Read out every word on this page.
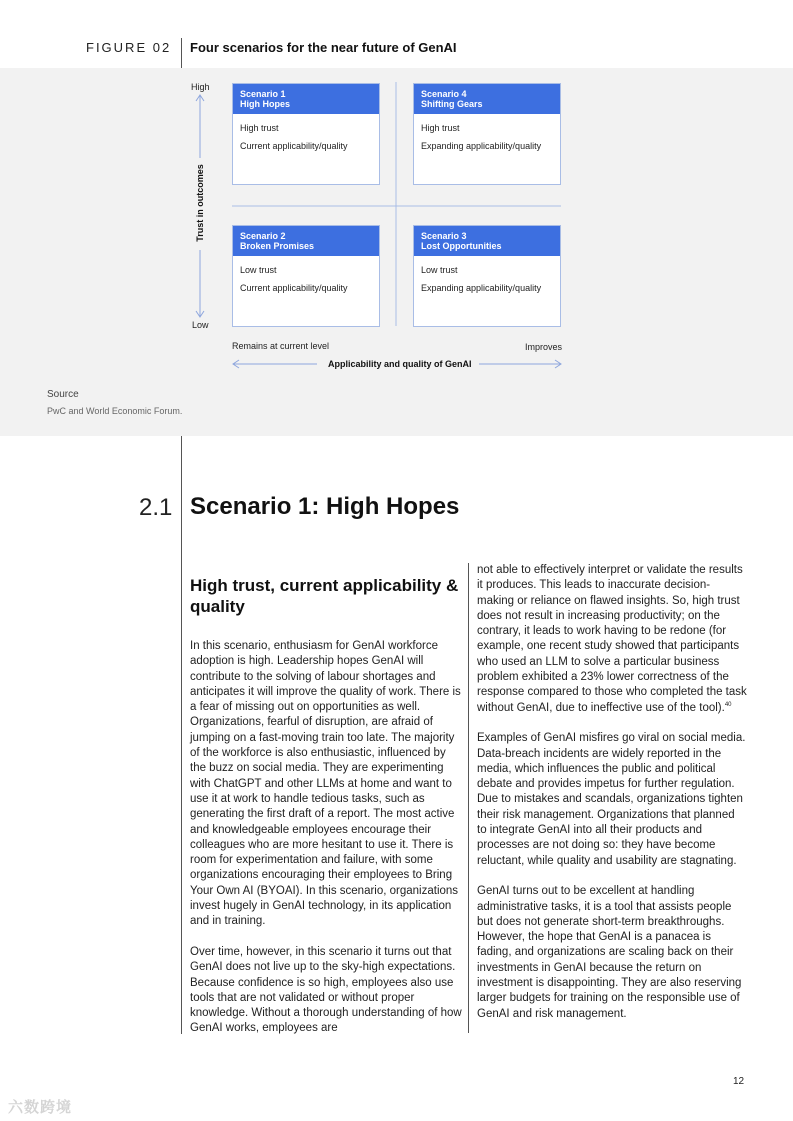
FIGURE 02 Four scenarios for the near future of GenAI
High
Low
Trust in outcomes
Scenario 1
High Hopes
High trust
Current applicability/quality
Scenario 4
Shifting Gears
High trust
Expanding applicability/quality
Scenario 2
Broken Promises
Low trust
Current applicability/quality
Scenario 3
Lost Opportunities
Low trust
Expanding applicability/quality
Remains at current level	Improves
Applicability and quality of GenAI
Source
PwC and World Economic Forum.
2.1 Scenario 1: High Hopes
High trust, current applicability & quality

In this scenario, enthusiasm for GenAI workforce adoption is high. Leadership hopes GenAI will contribute to the solving of labour shortages and anticipates it will improve the quality of work. There is a fear of missing out on opportunities as well. Organizations, fearful of disruption, are afraid of jumping on a fast-moving train too late. The majority of the workforce is also enthusiastic, influenced by the buzz on social media. They are experimenting with ChatGPT and other LLMs at home and want to use it at work to handle tedious tasks, such as generating the first draft of a report. The most active and knowledgeable employees encourage their colleagues who are more hesitant to use it. There is room for experimentation and failure, with some organizations encouraging their employees to Bring Your Own AI (BYOAI). In this scenario, organizations invest hugely in GenAI technology, in its application and in training.

Over time, however, in this scenario it turns out that GenAI does not live up to the sky-high expectations. Because confidence is so high, employees also use tools that are not validated or without proper knowledge. Without a thorough understanding of how GenAI works, employees are

not able to effectively interpret or validate the results it produces. This leads to inaccurate decision-making or reliance on flawed insights. So, high trust does not result in increasing productivity; on the contrary, it leads to work having to be redone (for example, one recent study showed that participants who used an LLM to solve a particular business problem exhibited a 23% lower correctness of the response compared to those who completed the task without GenAI, due to ineffective use of the tool).$^{40}$

Examples of GenAI misfires go viral on social media. Data-breach incidents are widely reported in the media, which influences the public and political debate and provides impetus for further regulation. Due to mistakes and scandals, organizations tighten their risk management. Organizations that planned to integrate GenAI into all their products and processes are not doing so: they have become reluctant, while quality and usability are stagnating.

GenAI turns out to be excellent at handling administrative tasks, it is a tool that assists people but does not generate short-term breakthroughs. However, the hope that GenAI is a panacea is fading, and organizations are scaling back on their investments in GenAI because the return on investment is disappointing. They are also reserving larger budgets for training on the responsible use of GenAI and risk management.

12
六数跨境
